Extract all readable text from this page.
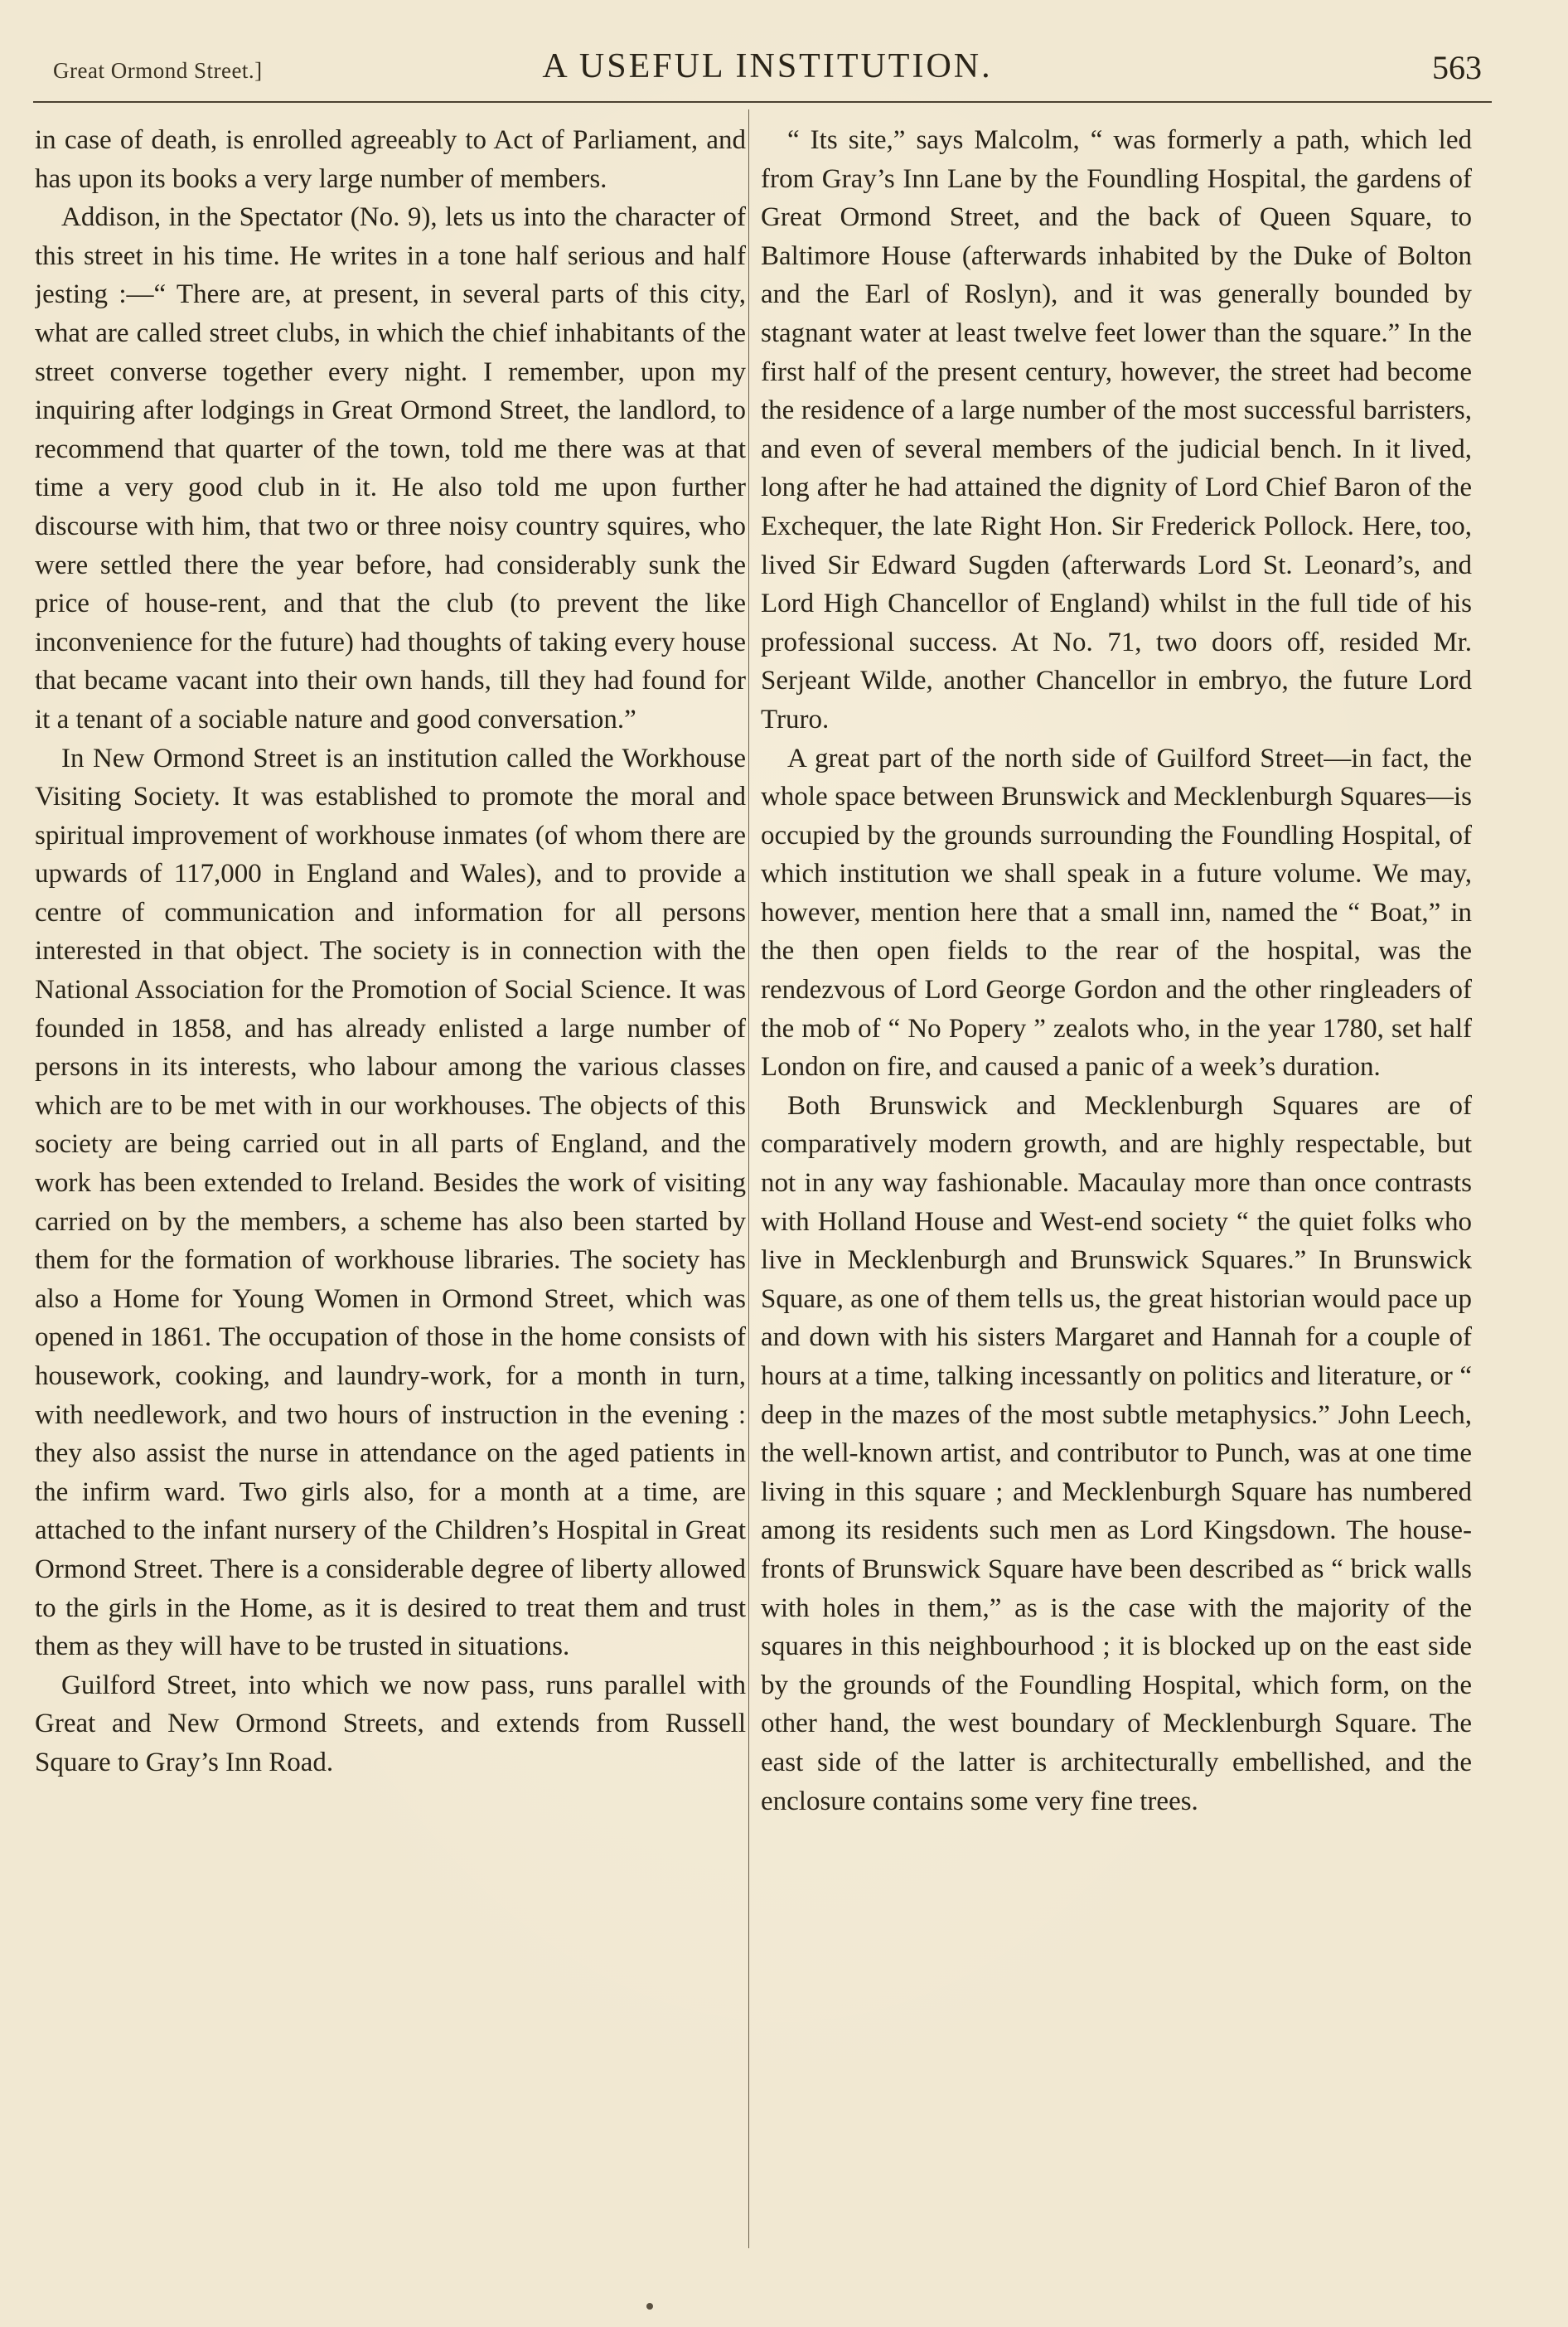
Great Ormond Street.]	A USEFUL INSTITUTION.	563

in case of death, is enrolled agreeably to Act of Parliament, and has upon its books a very large number of members.

Addison, in the Spectator (No. 9), lets us into the character of this street in his time. He writes in a tone half serious and half jesting :—“ There are, at present, in several parts of this city, what are called street clubs, in which the chief inhabitants of the street converse together every night. I remember, upon my inquiring after lodgings in Great Ormond Street, the landlord, to recommend that quarter of the town, told me there was at that time a very good club in it. He also told me upon further discourse with him, that two or three noisy country squires, who were settled there the year before, had considerably sunk the price of house-rent, and that the club (to prevent the like inconvenience for the future) had thoughts of taking every house that became vacant into their own hands, till they had found for it a tenant of a sociable nature and good conversation.”

In New Ormond Street is an institution called the Workhouse Visiting Society. It was established to promote the moral and spiritual improvement of workhouse inmates (of whom there are upwards of 117,000 in England and Wales), and to provide a centre of communication and information for all persons interested in that object. The society is in connection with the National Association for the Promotion of Social Science. It was founded in 1858, and has already enlisted a large number of persons in its interests, who labour among the various classes which are to be met with in our workhouses. The objects of this society are being carried out in all parts of England, and the work has been extended to Ireland. Besides the work of visiting carried on by the members, a scheme has also been started by them for the formation of workhouse libraries. The society has also a Home for Young Women in Ormond Street, which was opened in 1861. The occupation of those in the home consists of housework, cooking, and laundry-work, for a month in turn, with needlework, and two hours of instruction in the evening : they also assist the nurse in attendance on the aged patients in the infirm ward. Two girls also, for a month at a time, are attached to the infant nursery of the Children’s Hospital in Great Ormond Street. There is a considerable degree of liberty allowed to the girls in the Home, as it is desired to treat them and trust them as they will have to be trusted in situations.

Guilford Street, into which we now pass, runs parallel with Great and New Ormond Streets, and extends from Russell Square to Gray’s Inn Road.

“ Its site,” says Malcolm, “ was formerly a path, which led from Gray’s Inn Lane by the Foundling Hospital, the gardens of Great Ormond Street, and the back of Queen Square, to Baltimore House (afterwards inhabited by the Duke of Bolton and the Earl of Roslyn), and it was generally bounded by stagnant water at least twelve feet lower than the square.” In the first half of the present century, however, the street had become the residence of a large number of the most successful barristers, and even of several members of the judicial bench. In it lived, long after he had attained the dignity of Lord Chief Baron of the Exchequer, the late Right Hon. Sir Frederick Pollock. Here, too, lived Sir Edward Sugden (afterwards Lord St. Leonard’s, and Lord High Chancellor of England) whilst in the full tide of his professional success. At No. 71, two doors off, resided Mr. Serjeant Wilde, another Chancellor in embryo, the future Lord Truro.

A great part of the north side of Guilford Street—in fact, the whole space between Brunswick and Mecklenburgh Squares—is occupied by the grounds surrounding the Foundling Hospital, of which institution we shall speak in a future volume. We may, however, mention here that a small inn, named the “ Boat,” in the then open fields to the rear of the hospital, was the rendezvous of Lord George Gordon and the other ringleaders of the mob of “ No Popery ” zealots who, in the year 1780, set half London on fire, and caused a panic of a week’s duration.

Both Brunswick and Mecklenburgh Squares are of comparatively modern growth, and are highly respectable, but not in any way fashionable. Macaulay more than once contrasts with Holland House and West-end society “ the quiet folks who live in Mecklenburgh and Brunswick Squares.” In Brunswick Square, as one of them tells us, the great historian would pace up and down with his sisters Margaret and Hannah for a couple of hours at a time, talking incessantly on politics and literature, or “ deep in the mazes of the most subtle metaphysics.” John Leech, the well-known artist, and contributor to Punch, was at one time living in this square ; and Mecklenburgh Square has numbered among its residents such men as Lord Kingsdown. The house-fronts of Brunswick Square have been described as “ brick walls with holes in them,” as is the case with the majority of the squares in this neighbourhood ; it is blocked up on the east side by the grounds of the Foundling Hospital, which form, on the other hand, the west boundary of Mecklenburgh Square. The east side of the latter is architecturally embellished, and the enclosure contains some very fine trees.
